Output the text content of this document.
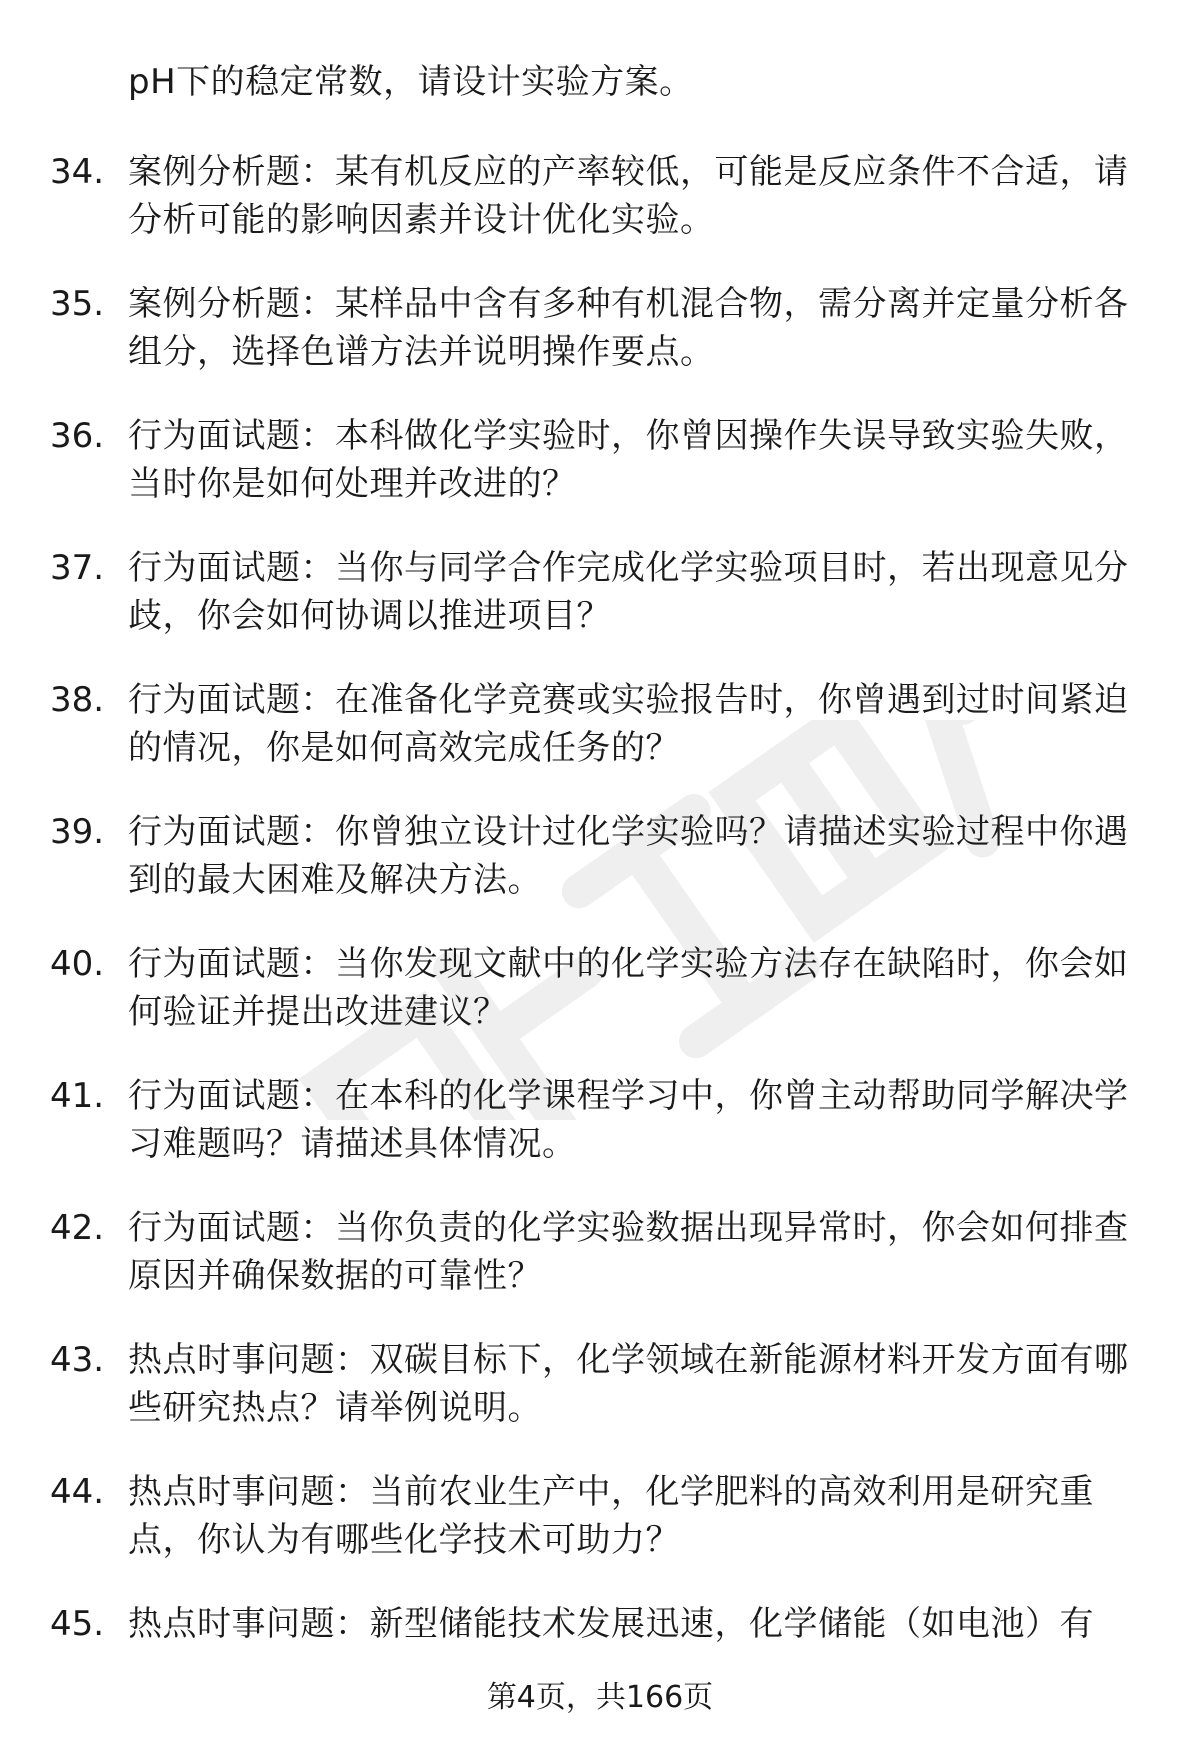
pH下的稳定常数，请设计实验方案。
34. 案例分析题：某有机反应的产率较低，可能是反应条件不合适，请分析可能的影响因素并设计优化实验。
35. 案例分析题：某样品中含有多种有机混合物，需分离并定量分析各组分，选择色谱方法并说明操作要点。
36. 行为面试题：本科做化学实验时，你曾因操作失误导致实验失败，当时你是如何处理并改进的？
37. 行为面试题：当你与同学合作完成化学实验项目时，若出现意见分歧，你会如何协调以推进项目？
38. 行为面试题：在准备化学竞赛或实验报告时，你曾遇到过时间紧迫的情况，你是如何高效完成任务的？
39. 行为面试题：你曾独立设计过化学实验吗？请描述实验过程中你遇到的最大困难及解决方法。
40. 行为面试题：当你发现文献中的化学实验方法存在缺陷时，你会如何验证并提出改进建议？
41. 行为面试题：在本科的化学课程学习中，你曾主动帮助同学解决学习难题吗？请描述具体情况。
42. 行为面试题：当你负责的化学实验数据出现异常时，你会如何排查原因并确保数据的可靠性？
43. 热点时事问题：双碳目标下，化学领域在新能源材料开发方面有哪些研究热点？请举例说明。
44. 热点时事问题：当前农业生产中，化学肥料的高效利用是研究重点，你认为有哪些化学技术可助力？
45. 热点时事问题：新型储能技术发展迅速，化学储能（如电池）有
第4页，共166页
